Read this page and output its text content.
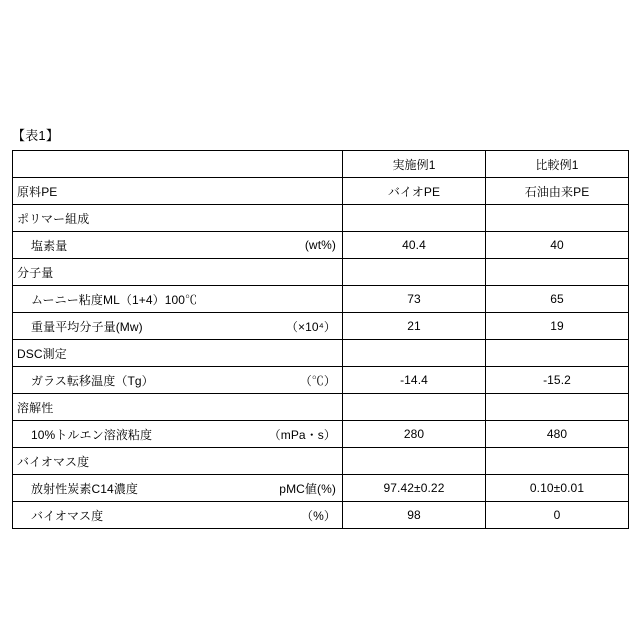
【表1】
	実施例1	比較例1

原料PE	バイオPE	石油由来PE

ポリマー組成		

塩素量 (wt%)	40.4	40

分子量		

ムーニー粘度ML（1+4）100℃	73	65

重量平均分子量(Mw) （×10⁴）	21	19

DSC測定		

ガラス転移温度（Tg） （℃）	-14.4	-15.2

溶解性		

10%トルエン溶液粘度 （mPa・s）	280	480

バイオマス度		

放射性炭素C14濃度 pMC値(%)	97.42±0.22	0.10±0.01

バイオマス度 （%）	98	0
